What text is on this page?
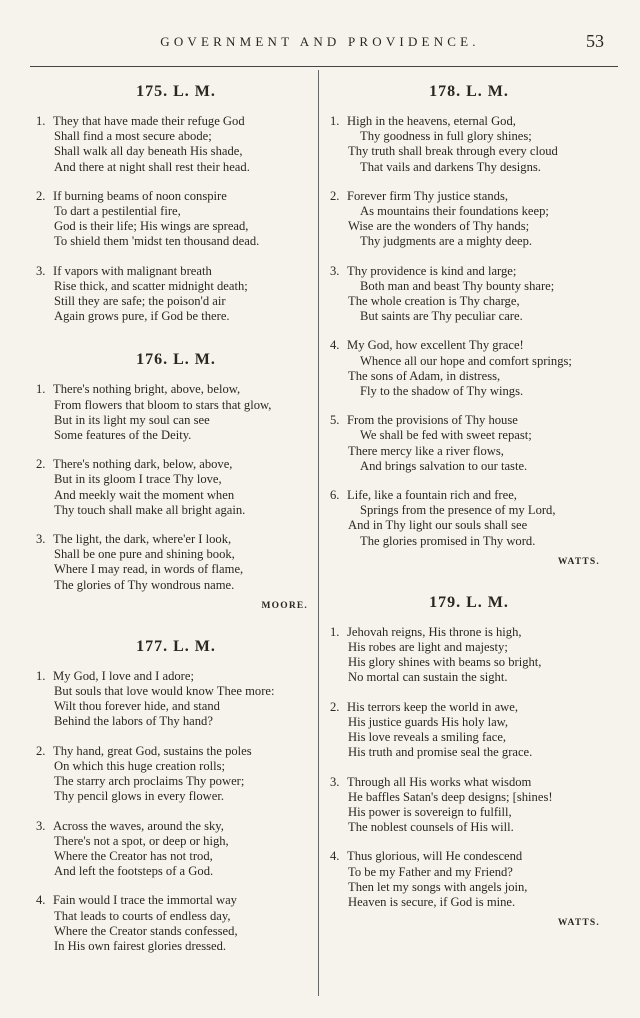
GOVERNMENT AND PROVIDENCE.	53
175. L. M.
1. They that have made their refuge God
Shall find a most secure abode;
Shall walk all day beneath His shade,
And there at night shall rest their head.
2. If burning beams of noon conspire
To dart a pestilential fire,
God is their life; His wings are spread,
To shield them 'midst ten thousand dead.
3. If vapors with malignant breath
Rise thick, and scatter midnight death;
Still they are safe; the poison'd air
Again grows pure, if God be there.
176. L. M.
1. There's nothing bright, above, below,
From flowers that bloom to stars that glow,
But in its light my soul can see
Some features of the Deity.
2. There's nothing dark, below, above,
But in its gloom I trace Thy love,
And meekly wait the moment when
Thy touch shall make all bright again.
3. The light, the dark, where'er I look,
Shall be one pure and shining book,
Where I may read, in words of flame,
The glories of Thy wondrous name.
MOORE.
177. L. M.
1. My God, I love and I adore;
But souls that love would know Thee more:
Wilt thou forever hide, and stand
Behind the labors of Thy hand?
2. Thy hand, great God, sustains the poles
On which this huge creation rolls;
The starry arch proclaims Thy power;
Thy pencil glows in every flower.
3. Across the waves, around the sky,
There's not a spot, or deep or high,
Where the Creator has not trod,
And left the footsteps of a God.
4. Fain would I trace the immortal way
That leads to courts of endless day,
Where the Creator stands confessed,
In His own fairest glories dressed.
178. L. M.
1. High in the heavens, eternal God,
Thy goodness in full glory shines;
Thy truth shall break through every cloud
That vails and darkens Thy designs.
2. Forever firm Thy justice stands,
As mountains their foundations keep;
Wise are the wonders of Thy hands;
Thy judgments are a mighty deep.
3. Thy providence is kind and large;
Both man and beast Thy bounty share;
The whole creation is Thy charge,
But saints are Thy peculiar care.
4. My God, how excellent Thy grace!
Whence all our hope and comfort springs;
The sons of Adam, in distress,
Fly to the shadow of Thy wings.
5. From the provisions of Thy house
We shall be fed with sweet repast;
There mercy like a river flows,
And brings salvation to our taste.
6. Life, like a fountain rich and free,
Springs from the presence of my Lord,
And in Thy light our souls shall see
The glories promised in Thy word.
WATTS.
179. L. M.
1. Jehovah reigns, His throne is high,
His robes are light and majesty;
His glory shines with beams so bright,
No mortal can sustain the sight.
2. His terrors keep the world in awe,
His justice guards His holy law,
His love reveals a smiling face,
His truth and promise seal the grace.
3. Through all His works what wisdom
He baffles Satan's deep designs; [shines!
His power is sovereign to fulfill,
The noblest counsels of His will.
4. Thus glorious, will He condescend
To be my Father and my Friend?
Then let my songs with angels join,
Heaven is secure, if God is mine.
WATTS.
